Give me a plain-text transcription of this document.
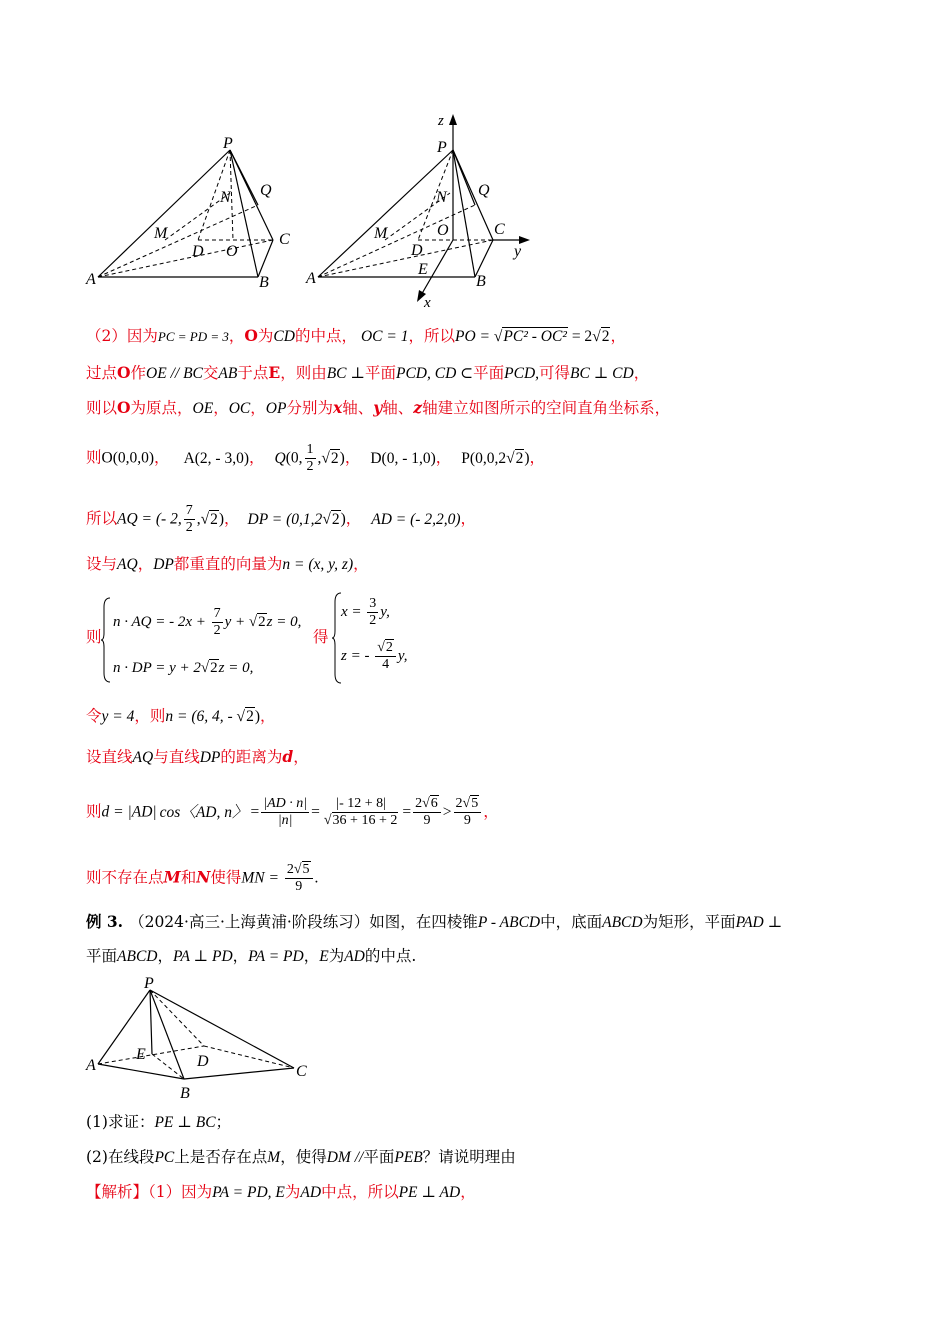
P
N Q
M
D O
C
A	B
z
P
N Q
M
D
O	C
y
E
A	B
x
（2）因为PC = PD = 3，O为CD的中点， OC = 1，所以PO = √PC² - OC² = 2√2，
过点O作OE // BC交AB于点E，则由BC ⊥平面PCD, CD ⊂平面PCD,可得BC ⊥ CD，
则以O为原点，OE，OC，OP分别为x轴、y轴、z轴建立如图所示的空间直角坐标系，
则O(0,0,0)， A(2, - 3,0)， Q(0, $\frac{1}{2} ,√2$)， D(0, - 1,0)， P(0,0,2√2)，
所以AQ = (- 2, $\frac{7}{2} ,√2$)， DP = (0,1,2√2)， AD = (- 2,2,0)，
设与AQ，DP都重直的向量为n = (x, y, z)，
则
n · AQ = - $2x + \frac{7}{2}$ y + √2z = 0,
n · DP = y + 2√2z = 0,
得
$x = \frac{3}{2} y$,
z = - $\frac{√2}{4} y$,
令y = 4，则n = (6, 4, - √2)，
设直线AQ与直线DP的距离为d，
则d = |AD| cos〈AD, n〉 = $\frac{|AD \cdot n|}{|n|} = \frac{|- 12 + 8|}{√36 + 16 + 2} = \frac{2√6}{9} > \frac{2√5}{9}$ ，
则不存在点M和N使得MN = $\frac{2√5}{9}$ .
例 3. （2024·高三·上海黄浦·阶段练习）如图，在四棱锥P - ABCD中，底面ABCD为矩形，平面PAD ⊥
平面ABCD，PA ⊥ PD，PA = PD，E为AD的中点.
P
E	D
A
B
C
(1)求证：PE ⊥ BC；
(2)在线段PC上是否存在点M，使得DM //平面PEB？请说明理由
【解析】（1）因为PA = PD, E为AD中点，所以PE ⊥ AD，
